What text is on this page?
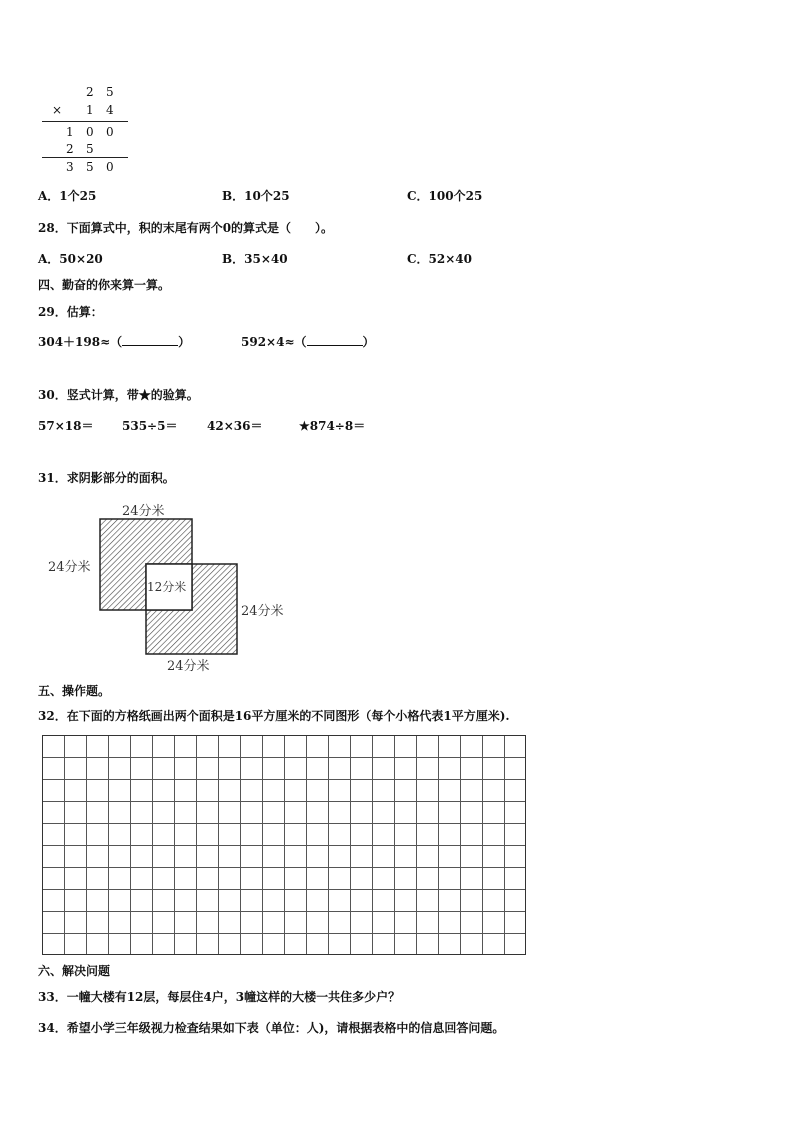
2 5
× 1 4
1 0 0
2 5
3 5 0
A．1个25	B．10个25	C．100个25
28．下面算式中，积的末尾有两个0的算式是（　　）。
A．50×20	B．35×40	C．52×40
四、勤奋的你来算一算。
29．估算：
304＋198≈（	）	592×4≈（	）
30．竖式计算，带★的验算。
57×18＝ 535÷5＝ 42×36＝	★874÷8＝
31．求阴影部分的面积。
24分米
24分米
12分米
24分米
24分米
五、操作题。
32．在下面的方格纸画出两个面积是16平方厘米的不同图形（每个小格代表1平方厘米).
六、解决问题
33．一幢大楼有12层，每层住4户，3幢这样的大楼一共住多少户？
34．希望小学三年级视力检查结果如下表（单位：人)，请根据表格中的信息回答问题。
